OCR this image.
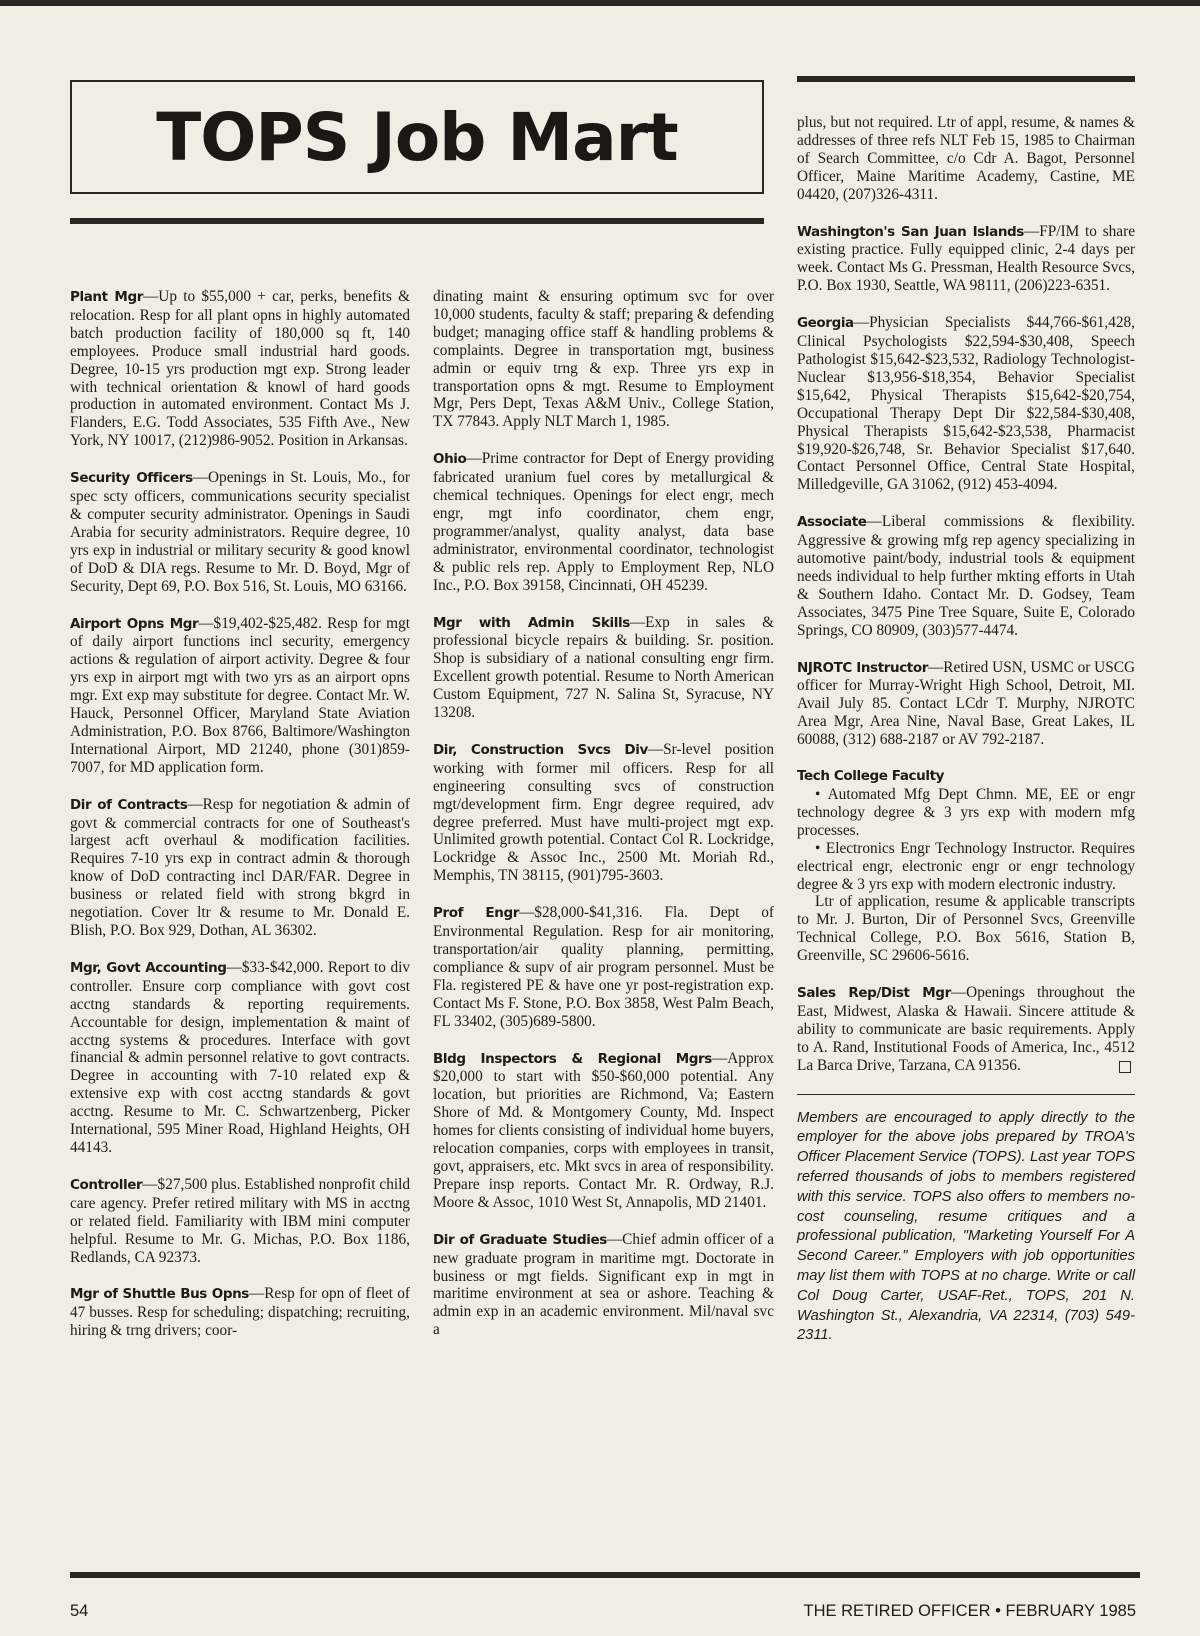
TOPS Job Mart

Plant Mgr—Up to $55,000 + car, perks, benefits & relocation. Resp for all plant opns in highly automated batch production facility of 180,000 sq ft, 140 employees. Produce small industrial hard goods. Degree, 10-15 yrs production mgt exp. Strong leader with technical orientation & knowl of hard goods production in automated environment. Contact Ms J. Flanders, E.G. Todd Associates, 535 Fifth Ave., New York, NY 10017, (212)986-9052. Position in Arkansas.

Security Officers—Openings in St. Louis, Mo., for spec scty officers, communications security specialist & computer security administrator. Openings in Saudi Arabia for security administrators. Require degree, 10 yrs exp in industrial or military security & good knowl of DoD & DIA regs. Resume to Mr. D. Boyd, Mgr of Security, Dept 69, P.O. Box 516, St. Louis, MO 63166.

Airport Opns Mgr—$19,402-$25,482. Resp for mgt of daily airport functions incl security, emergency actions & regulation of airport activity. Degree & four yrs exp in airport mgt with two yrs as an airport opns mgr. Ext exp may substitute for degree. Contact Mr. W. Hauck, Personnel Officer, Maryland State Aviation Administration, P.O. Box 8766, Baltimore/Washington International Airport, MD 21240, phone (301)859-7007, for MD application form.

Dir of Contracts—Resp for negotiation & admin of govt & commercial contracts for one of Southeast's largest acft overhaul & modification facilities. Requires 7-10 yrs exp in contract admin & thorough know of DoD contracting incl DAR/FAR. Degree in business or related field with strong bkgrd in negotiation. Cover ltr & resume to Mr. Donald E. Blish, P.O. Box 929, Dothan, AL 36302.

Mgr, Govt Accounting—$33-$42,000. Report to div controller. Ensure corp compliance with govt cost acctng standards & reporting requirements. Accountable for design, implementation & maint of acctng systems & procedures. Interface with govt financial & admin personnel relative to govt contracts. Degree in accounting with 7-10 related exp & extensive exp with cost acctng standards & govt acctng. Resume to Mr. C. Schwartzenberg, Picker International, 595 Miner Road, Highland Heights, OH 44143.

Controller—$27,500 plus. Established nonprofit child care agency. Prefer retired military with MS in acctng or related field. Familiarity with IBM mini computer helpful. Resume to Mr. G. Michas, P.O. Box 1186, Redlands, CA 92373.

Mgr of Shuttle Bus Opns—Resp for opn of fleet of 47 busses. Resp for scheduling; dispatching; recruiting, hiring & trng drivers; coor-

dinating maint & ensuring optimum svc for over 10,000 students, faculty & staff; preparing & defending budget; managing office staff & handling problems & complaints. Degree in transportation mgt, business admin or equiv trng & exp. Three yrs exp in transportation opns & mgt. Resume to Employment Mgr, Pers Dept, Texas A&M Univ., College Station, TX 77843. Apply NLT March 1, 1985.

Ohio—Prime contractor for Dept of Energy providing fabricated uranium fuel cores by metallurgical & chemical techniques. Openings for elect engr, mech engr, mgt info coordinator, chem engr, programmer/analyst, quality analyst, data base administrator, environmental coordinator, technologist & public rels rep. Apply to Employment Rep, NLO Inc., P.O. Box 39158, Cincinnati, OH 45239.

Mgr with Admin Skills—Exp in sales & professional bicycle repairs & building. Sr. position. Shop is subsidiary of a national consulting engr firm. Excellent growth potential. Resume to North American Custom Equipment, 727 N. Salina St, Syracuse, NY 13208.

Dir, Construction Svcs Div—Sr-level position working with former mil officers. Resp for all engineering consulting svcs of construction mgt/development firm. Engr degree required, adv degree preferred. Must have multi-project mgt exp. Unlimited growth potential. Contact Col R. Lockridge, Lockridge & Assoc Inc., 2500 Mt. Moriah Rd., Memphis, TN 38115, (901)795-3603.

Prof Engr—$28,000-$41,316. Fla. Dept of Environmental Regulation. Resp for air monitoring, transportation/air quality planning, permitting, compliance & supv of air program personnel. Must be Fla. registered PE & have one yr post-registration exp. Contact Ms F. Stone, P.O. Box 3858, West Palm Beach, FL 33402, (305)689-5800.

Bldg Inspectors & Regional Mgrs—Approx $20,000 to start with $50-$60,000 potential. Any location, but priorities are Richmond, Va; Eastern Shore of Md. & Montgomery County, Md. Inspect homes for clients consisting of individual home buyers, relocation companies, corps with employees in transit, govt, appraisers, etc. Mkt svcs in area of responsibility. Prepare insp reports. Contact Mr. R. Ordway, R.J. Moore & Assoc, 1010 West St, Annapolis, MD 21401.

Dir of Graduate Studies—Chief admin officer of a new graduate program in maritime mgt. Doctorate in business or mgt fields. Significant exp in mgt in maritime environment at sea or ashore. Teaching & admin exp in an academic environment. Mil/naval svc a

plus, but not required. Ltr of appl, resume, & names & addresses of three refs NLT Feb 15, 1985 to Chairman of Search Committee, c/o Cdr A. Bagot, Personnel Officer, Maine Maritime Academy, Castine, ME 04420, (207)326-4311.

Washington's San Juan Islands—FP/IM to share existing practice. Fully equipped clinic, 2-4 days per week. Contact Ms G. Pressman, Health Resource Svcs, P.O. Box 1930, Seattle, WA 98111, (206)223-6351.

Georgia—Physician Specialists $44,766-$61,428, Clinical Psychologists $22,594-$30,408, Speech Pathologist $15,642-$23,532, Radiology Technologist-Nuclear $13,956-$18,354, Behavior Specialist $15,642, Physical Therapists $15,642-$20,754, Occupational Therapy Dept Dir $22,584-$30,408, Physical Therapists $15,642-$23,538, Pharmacist $19,920-$26,748, Sr. Behavior Specialist $17,640. Contact Personnel Office, Central State Hospital, Milledgeville, GA 31062, (912) 453-4094.

Associate—Liberal commissions & flexibility. Aggressive & growing mfg rep agency specializing in automotive paint/body, industrial tools & equipment needs individual to help further mkting efforts in Utah & Southern Idaho. Contact Mr. D. Godsey, Team Associates, 3475 Pine Tree Square, Suite E, Colorado Springs, CO 80909, (303)577-4474.

NJROTC Instructor—Retired USN, USMC or USCG officer for Murray-Wright High School, Detroit, MI. Avail July 85. Contact LCdr T. Murphy, NJROTC Area Mgr, Area Nine, Naval Base, Great Lakes, IL 60088, (312) 688-2187 or AV 792-2187.

Tech College Faculty

• Automated Mfg Dept Chmn. ME, EE or engr technology degree & 3 yrs exp with modern mfg processes.

• Electronics Engr Technology Instructor. Requires electrical engr, electronic engr or engr technology degree & 3 yrs exp with modern electronic industry.

Ltr of application, resume & applicable transcripts to Mr. J. Burton, Dir of Personnel Svcs, Greenville Technical College, P.O. Box 5616, Station B, Greenville, SC 29606-5616.

Sales Rep/Dist Mgr—Openings throughout the East, Midwest, Alaska & Hawaii. Sincere attitude & ability to communicate are basic requirements. Apply to A. Rand, Institutional Foods of America, Inc., 4512 La Barca Drive, Tarzana, CA 91356.

Members are encouraged to apply directly to the employer for the above jobs prepared by TROA's Officer Placement Service (TOPS). Last year TOPS referred thousands of jobs to members registered with this service. TOPS also offers to members no-cost counseling, resume critiques and a professional publication, "Marketing Yourself For A Second Career." Employers with job opportunities may list them with TOPS at no charge. Write or call Col Doug Carter, USAF-Ret., TOPS, 201 N. Washington St., Alexandria, VA 22314, (703) 549-2311.
54	THE RETIRED OFFICER • FEBRUARY 1985
